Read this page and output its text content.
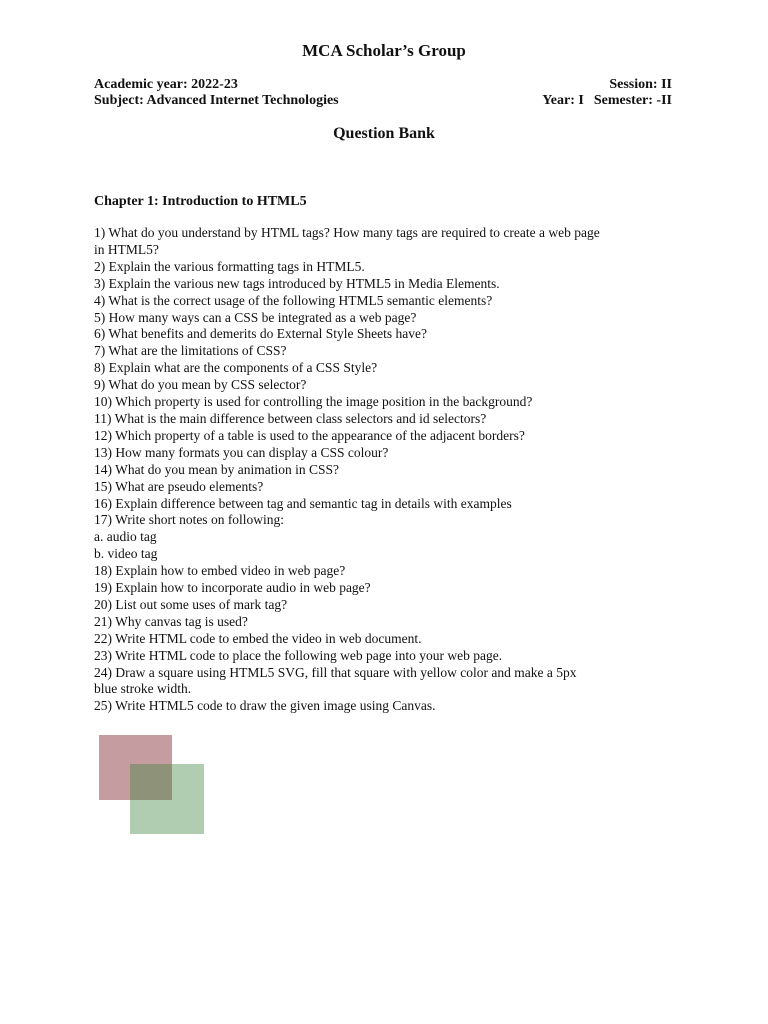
MCA Scholar’s Group
Academic year: 2022-23	Session: II
Subject: Advanced Internet Technologies	Year: I Semester: -II
Question Bank
Chapter 1: Introduction to HTML5
1) What do you understand by HTML tags? How many tags are required to create a web page
in HTML5?
2) Explain the various formatting tags in HTML5.
3) Explain the various new tags introduced by HTML5 in Media Elements.
4) What is the correct usage of the following HTML5 semantic elements?
5) How many ways can a CSS be integrated as a web page?
6) What benefits and demerits do External Style Sheets have?
7) What are the limitations of CSS?
8) Explain what are the components of a CSS Style?
9) What do you mean by CSS selector?
10) Which property is used for controlling the image position in the background?
11) What is the main difference between class selectors and id selectors?
12) Which property of a table is used to the appearance of the adjacent borders?
13) How many formats you can display a CSS colour?
14) What do you mean by animation in CSS?
15) What are pseudo elements?
16) Explain difference between tag and semantic tag in details with examples
17) Write short notes on following:
a. audio tag
b. video tag
18) Explain how to embed video in web page?
19) Explain how to incorporate audio in web page?
20) List out some uses of mark tag?
21) Why canvas tag is used?
22) Write HTML code to embed the video in web document.
23) Write HTML code to place the following web page into your web page.
24) Draw a square using HTML5 SVG, fill that square with yellow color and make a 5px
blue stroke width.
25) Write HTML5 code to draw the given image using Canvas.
